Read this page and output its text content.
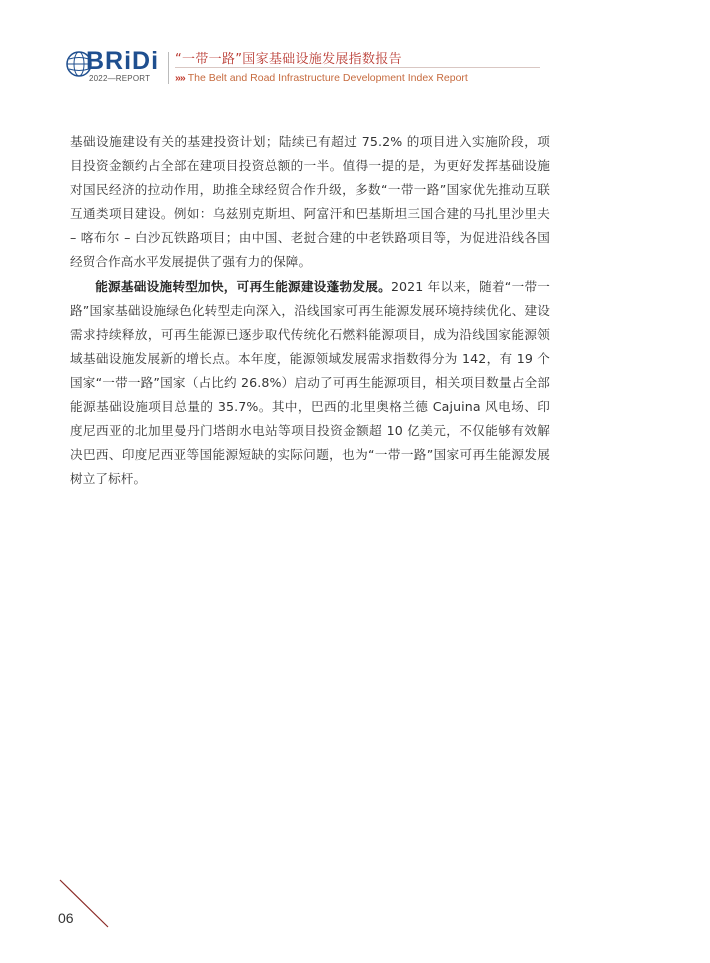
BRiDi
2022—REPORT
“一带一路”国家基础设施发展指数报告
»» The Belt and Road Infrastructure Development Index Report

基础设施建设有关的基建投资计划；陆续已有超过 75.2% 的项目进入实施阶段，项目投资金额约占全部在建项目投资总额的一半。值得一提的是，为更好发挥基础设施对国民经济的拉动作用，助推全球经贸合作升级，多数“一带一路”国家优先推动互联互通类项目建设。例如：乌兹别克斯坦、阿富汗和巴基斯坦三国合建的马扎里沙里夫 – 喀布尔 – 白沙瓦铁路项目；由中国、老挝合建的中老铁路项目等，为促进沿线各国经贸合作高水平发展提供了强有力的保障。

能源基础设施转型加快，可再生能源建设蓬勃发展。2021 年以来，随着“一带一路”国家基础设施绿色化转型走向深入，沿线国家可再生能源发展环境持续优化、建设需求持续释放，可再生能源已逐步取代传统化石燃料能源项目，成为沿线国家能源领域基础设施发展新的增长点。本年度，能源领域发展需求指数得分为 142，有 19 个国家“一带一路”国家（占比约 26.8%）启动了可再生能源项目，相关项目数量占全部能源基础设施项目总量的 35.7%。其中，巴西的北里奥格兰德 Cajuina 风电场、印度尼西亚的北加里曼丹门塔朗水电站等项目投资金额超 10 亿美元，不仅能够有效解决巴西、印度尼西亚等国能源短缺的实际问题，也为“一带一路”国家可再生能源发展树立了标杆。

06
